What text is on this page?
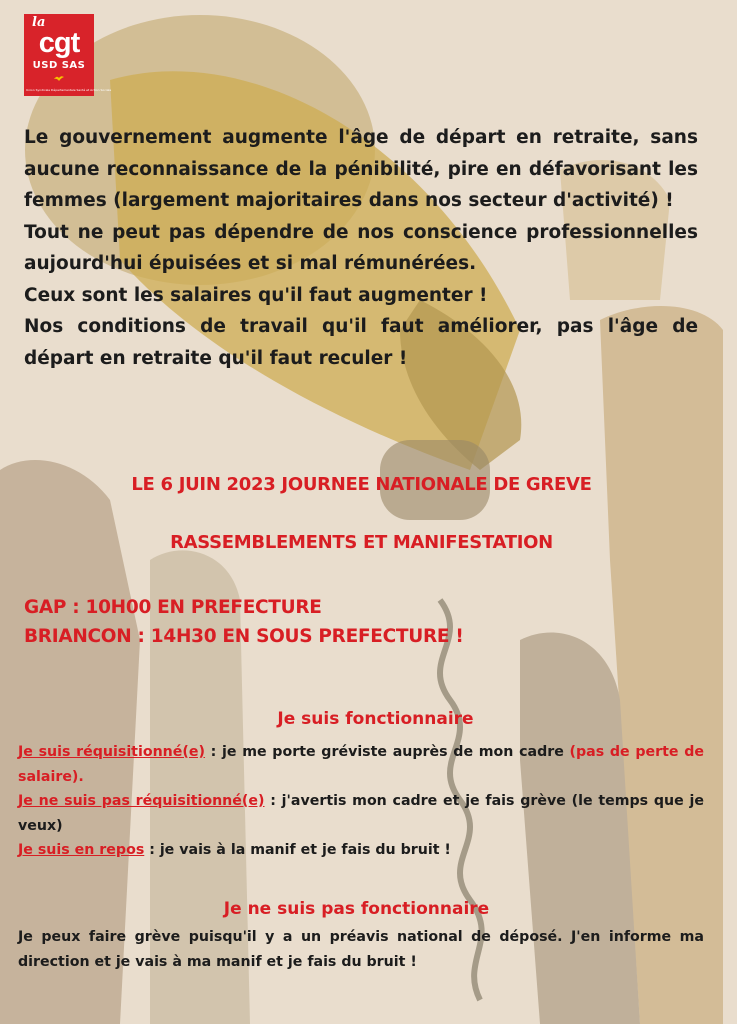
la
cgt
USD SAS
Union Syndicale Départementale Santé et Action Sociale

Le gouvernement augmente l'âge de départ en retraite, sans aucune reconnaissance de la pénibilité, pire en défavorisant les femmes (largement majoritaires dans nos secteur d'activité) !

Tout ne peut pas dépendre de nos conscience professionnelles aujourd'hui épuisées et si mal rémunérées.

Ceux sont les salaires qu'il faut augmenter !

Nos conditions de travail qu'il faut améliorer, pas l'âge de départ en retraite qu'il faut reculer !

LE 6 JUIN 2023 JOURNEE NATIONALE DE GREVE
RASSEMBLEMENTS ET MANIFESTATION
GAP : 10H00 EN PREFECTURE
BRIANCON : 14H30 EN SOUS PREFECTURE !
Je suis fonctionnaire

Je suis réquisitionné(e) : je me porte gréviste auprès de mon cadre (pas de perte de salaire).

Je ne suis pas réquisitionné(e) : j'avertis mon cadre et je fais grève (le temps que je veux)

Je suis en repos : je vais à la manif et je fais du bruit !

Je ne suis pas fonctionnaire

Je peux faire grève puisqu'il y a un préavis national de déposé. J'en informe ma direction et je vais à ma manif et je fais du bruit !
